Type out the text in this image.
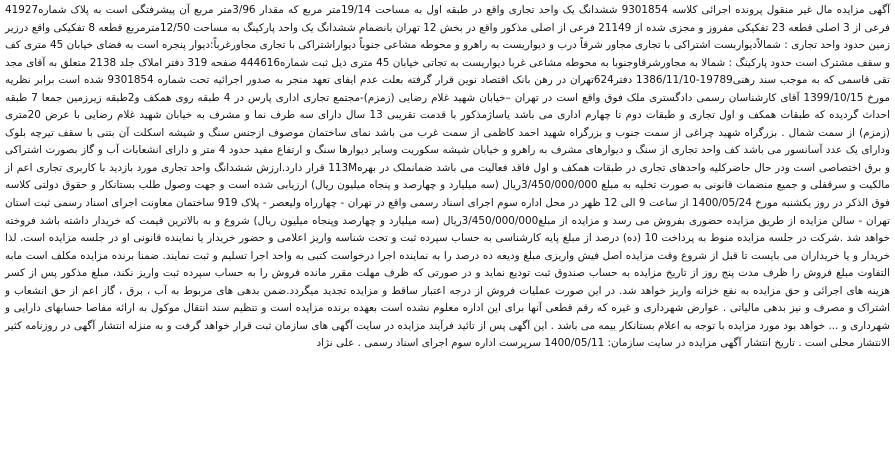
آگهی مزایده مال غیر منقول پرونده اجرائی کلاسه 9301854 ششدانگ یک واحد تجاری واقع در طبقه اول به مساحت 19/14متر مربع که مقدار 3/96متر مربع آن پیشرفتگی است به پلاک شماره41927 فرعی از 3 اصلی قطعه 23 تفکیکی مفروز و مجزی شده از 21149 فرعی از اصلی مذکور واقع در بخش 12 تهران بانضمام ششدانگ یک واحد پارکینگ به مساحت 12/50مترمربع قطعه 8 تفکیکی واقع درزیر زمین حدود واحد تجاری : شمالاًدیواربست اشتراکی با تجاری مجاور شرقاً درب و دیواریست به راهرو و محوطه مشاعی جنوباً دیواراشتراکی با تجاری مجاورغرباً:دیوار پنجره است به فضای خیابان 45 متری کف و سقف مشترک است حدود پارکینگ : شمالا به مجاورشرقاوجنوبا به محوطه مشاعی غربا دیواریست به تجاتی خیابان 45 متری ذیل ثبت شماره444616 صفحه 319 دفتر املاک جلد 2138 متعلق به آقای مجد تقی قاسمی که به موجب سند رهنی19789-1386/11/10 دفتر624تهران در رهن بانک اقتصاد نوین قرار گرفته بعلت عدم ایفای تعهد منجر به صدور اجرائیه تحت شماره 9301854 شده است برابر نظریه مورخ 1399/10/15 آقای کارشناسان رسمی دادگستری ملک فوق واقع است در تهران –خیابان شهید غلام رضایی (زمزم)-مجتمع تجاری اداری پارس در 4 طبقه روی همکف و2طبقه زیرزمین جمعا 7 طبقه احداث گردیده که طبقات همکف و اول تجاری و طبقات دوم تا چهارم اداری می باشد یاساژمذکور با قدمت تقریبی 13 سال دارای سه طرف نما و مشرف به خیابان شهید غلام رضایی با عرض 20متری (زمزم) از سمت شمال . بزرگراه شهید چراغی از سمت جنوب و بزرگراه شهید احمد کاظمی از سمت غرب می باشد نمای ساختمان موصوف ازجنس سنگ و شیشه اسکلت آن بتنی با سقف تیرچه بلوک ودارای یک عدد آسانسور می باشد کف واحد تجاری از سنگ و دیوارهای مشرف به راهرو و خیابان شیشه سکوریت وسایر دیوارها سنگ و ارتفاع مفید حدود 4 متر و دارای انشعابات آب و گاز بصورت اشتراکی و برق اختصاصی است ودر حال حاضرکلیه واحدهای تجاری در طبقات همکف و اول فاقد فعالیت می باشد ضمانملک در بهره113M قرار دارد.ارزش ششدانگ واحد تجاری مورد بازدید با کاربری تجاری اعم از مالکیت و سرقفلی و جمیع منضمات قانونی به صورت تخلیه به مبلغ 3/450/000/000ریال (سه میلیارد و چهارصد و پنجاه میلیون ریال) ارزیابی شده است و جهت وصول طلب بستانکار و حقوق دولتی کلاسه فوق الذکر در روز یکشنبه مورخ 1400/05/24 از ساعت 9 الی 12 ظهر در محل اداره سوم اجرای اسناد رسمی واقع در تهران - چهارراه ولیعصر - پلاک 919 ساختمان معاونت اجرای اسناد رسمی ثبت استان تهران - سالن مزایده از طریق مزایده حضوری بفروش می رسد و مزایده از مبلغ3/450/000/000ریال (سه میلیارد و چهارصد وپنجاه میلیون ریال) شروع و به بالاترین قیمت که خریدار داشته باشد فروخته خواهد شد .شرکت در جلسه مزایده منوط به پرداخت 10 (ده) درصد از مبلغ پایه کارشناسی به حساب سپرده ثبت و تحت شناسه واریز اعلامی و حضور خریدار یا نماینده قانونی او در جلسه مزایده است. لذا خریدار و یا خریداران می بایست تا قبل از شروع وقت مزایده اصل فیش واریزی مبلغ ودیعه ده درصد را به نماینده اجرا درخواست کتبی به واحد اجرا تسلیم و ثبت نمایند. ضمنا برنده مزایده مکلف است مابه التفاوت مبلغ فروش را ظرف مدت پنج روز از تاریخ مزایده به حساب صندوق ثبت تودیع نماید و در صورتی که ظرف مهلت مقرر مانده فروش را به حساب سپرده ثبت واریز نکند، مبلغ مذکور پس از کسر هزینه های اجرائی و حق مزایده به نفع خزانه واریز خواهد شد. در این صورت عملیات فروش از درجه اعتبار ساقط و مزایده تجدید میگردد.ضمن بدهی های مربوط به آب ، برق ، گاز اعم از حق انشعاب و اشتراک و مصرف و نیز بدهی مالیاتی . عوارض شهرداری و غیره که رقم قطعی آنها برای این اداره معلوم نشده است بعهده برنده مزایده است و تنظیم سند انتقال موکول به ارائه مفاصا حسابهای دارایی و شهرداری و ... خواهد بود مورد مزایده با توجه به اعلام بستانکار بیمه می باشد . این آگهی پس از تائید فرآیند مزایده در سایت آگهی های سازمان ثبت قرار خواهد گرفت و به منزله انتشار آگهی در روزنامه کثیر الانتشار محلی است . تاریخ انتشار آگهی مزایده در سایت سازمان: 1400/05/11 سرپرست اداره سوم اجرای اسناد رسمی . علی نژاد
